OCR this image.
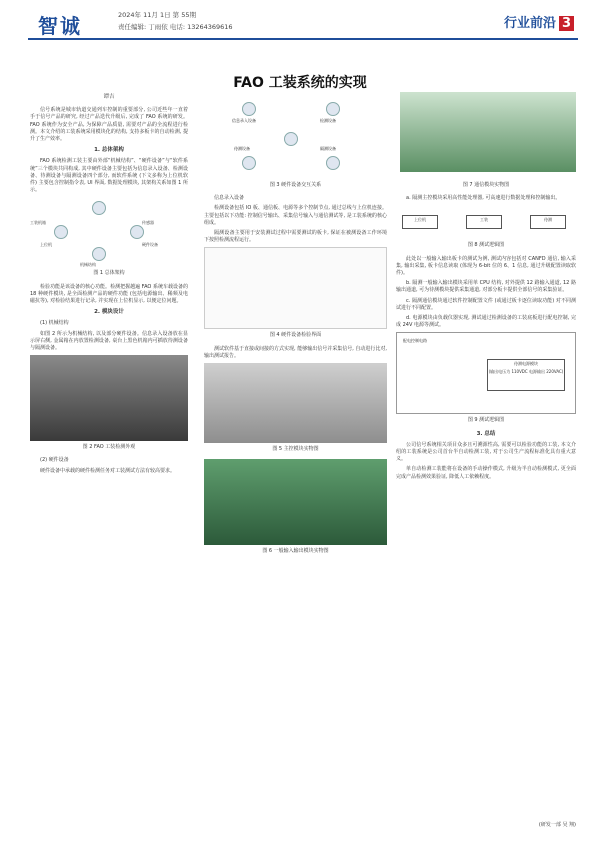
智诚	2024年 11月 1日 第 55期
责任编辑: 丁雨依 电话: 13264369616	行业前沿 3
FAO 工装系统的实现
谭吉

信号系统是城市轨道交通列车控制的重要部分, 公司近些年一直着手于信号产品的研究, 经过产品迭代升级后, 完成了 FAO 系统的研发。FAO 系统作为安全产品, 为保障产品质量, 需要对产品的全流程进行检测。本文介绍的工装系统采用模块化的结构, 支持多板卡的自动检测, 提升了生产效率。

1. 总体架构

FAO 系统检测工装主要由外部“机械结构”、“硬件设备”与“软件系统”三个模块共同构成, 其中硬件设备主要包括为信息录入设备、检测设备、待测设备与隔测设备四个部分, 而软件系统 (下文多称为上位机软件) 主要包含控制指令表, UI 界面, 数据处理模块, 其架构关系如图 1 所示。

工装机箱
上位机	硬件设备
传感器
机械结构
图 1 总体架构

检验功能是该设备的核心功能。检测把握越遍 FAO 系统车载设备的 18 种硬件模块, 是全面检测产品的硬件功能 (包括电源输出、稀频及电磁抗等), 对检验结果进行记录, 并实现在上位机显示, 以便定位问题。

2. 模块设计

(1) 机械结构

如图 2 所示为机械结构, 以及部分硬件设备。信息录入设备放在显示屏右侧, 金属箱在内放置检测设备, 桌台上黑色机箱内可插放待测设备与隔测设备。

图 2 FAO 工装检测外观

(2) 硬件设备

硬件设备中承载的硬件检测任务对工装测试方法有较高要求。

信息录入设备	检测设备
待测设备	隔测设备
图 3 硬件设备交互关系

信息录入设备

检测设备包括 IO 板、通信板、电源等多个控制节点, 通过总线与上位机连接。主要包括以下功能: 控制信号输出、采集信号输入与通信测试等, 是工装系统的核心组成。

隔测设备主要用于安装测试过程中需要测试的板卡, 保证在被测设备工作环境下按照检测流程运行。

图 4 硬件设备检验界面

测试软件基于直接或间接的方式实现, 能够输出信号并采集信号, 自动进行比对, 输出测试报告。

图 5 主控模块实物图
图 6 一般输入输出模块实物图
图 7 通信模块实物图

a. 隔测主控模块采用高性能处理器, 可高速进行数据处理和控制输出。

上位机	工装	待测
图 8 测试逻辑图

此处以一般输入输出板卡的测试为例, 测试内容包括对 CANFD 通信, 输入采集, 输出采集, 板卡信息读取 (体现为 6-bit 位的 6、1 信息, 通过升级配置读取软件)。

b. 隔测一般输入输出模块采用单 CPU 结构, 对外提供 12 路输入通道, 12 路输出通道, 可为待测模块提供采集通道, 对部分板卡提供全部信号的采集验证。

c. 隔测通信模块通过软件控制配置文件 (或通过板卡逐位读取功能) 对不同测试进行不同配置。

d. 电源模块由负载仪器实现, 测试通过检测设备的工装底板进行配电控制, 完成 24V 电源等测试。

配电控制电路
待测电源模块
(输出电压为 110VDC 电源输出 220VAC)
图 9 测试逻辑图
3. 总结

公司信号系统相关项目众多且可溯源性高, 需要可以检验功能的工装, 本文介绍的工装系统是公司首台半自动检测工装, 对于公司生产流程标准化具有重大意义。

单自动检测工装能将在设备的手动操作模式, 升级为半自动检测模式, 更全面完成产品检测效果验证, 降低人工依赖程度。

(研发一部 吴 翔)
